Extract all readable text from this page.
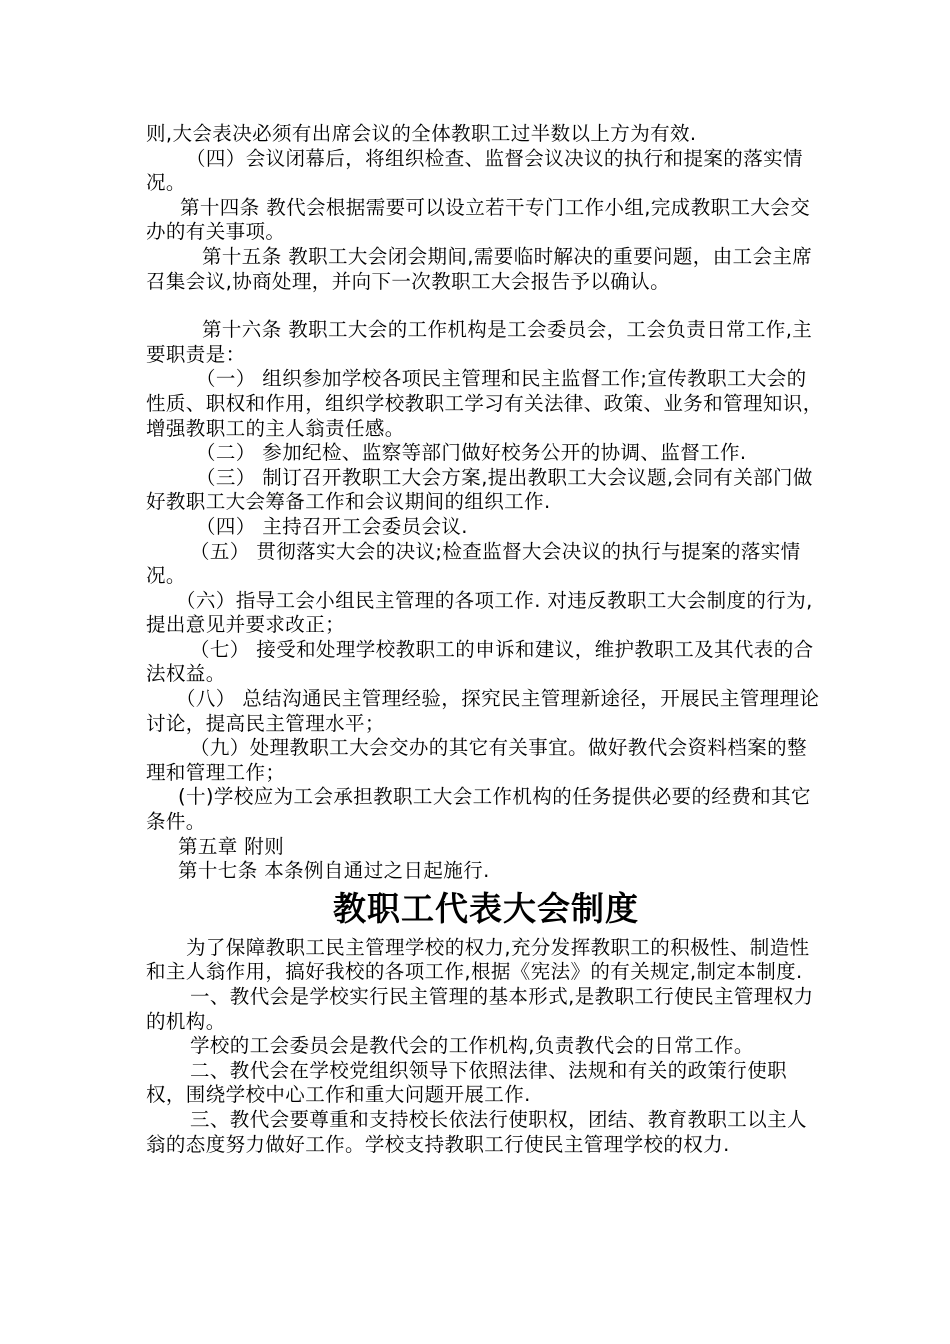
则,大会表决必须有出席会议的全体教职工过半数以上方为有效.

（四）会议闭幕后，将组织检查、监督会议决议的执行和提案的落实情况。

第十四条 教代会根据需要可以设立若干专门工作小组,完成教职工大会交办的有关事项。

第十五条 教职工大会闭会期间,需要临时解决的重要问题，由工会主席召集会议,协商处理，并向下一次教职工大会报告予以确认。

第十六条 教职工大会的工作机构是工会委员会，工会负责日常工作,主要职责是：

（一） 组织参加学校各项民主管理和民主监督工作;宣传教职工大会的性质、职权和作用，组织学校教职工学习有关法律、政策、业务和管理知识，增强教职工的主人翁责任感。

（二） 参加纪检、监察等部门做好校务公开的协调、监督工作.

（三） 制订召开教职工大会方案,提出教职工大会议题,会同有关部门做好教职工大会筹备工作和会议期间的组织工作.

（四） 主持召开工会委员会议.

（五） 贯彻落实大会的决议;检查监督大会决议的执行与提案的落实情况。

（六）指导工会小组民主管理的各项工作. 对违反教职工大会制度的行为,提出意见并要求改正；

（七） 接受和处理学校教职工的申诉和建议，维护教职工及其代表的合法权益。

（八） 总结沟通民主管理经验，探究民主管理新途径，开展民主管理理论讨论，提高民主管理水平；

（九）处理教职工大会交办的其它有关事宜。做好教代会资料档案的整理和管理工作；

(十)学校应为工会承担教职工大会工作机构的任务提供必要的经费和其它条件。

第五章 附则

第十七条 本条例自通过之日起施行.

教职工代表大会制度

为了保障教职工民主管理学校的权力,充分发挥教职工的积极性、制造性和主人翁作用，搞好我校的各项工作,根据《宪法》的有关规定,制定本制度.

一、教代会是学校实行民主管理的基本形式,是教职工行使民主管理权力的机构。

学校的工会委员会是教代会的工作机构,负责教代会的日常工作。

二、教代会在学校党组织领导下依照法律、法规和有关的政策行使职权，围绕学校中心工作和重大问题开展工作.

三、教代会要尊重和支持校长依法行使职权，团结、教育教职工以主人翁的态度努力做好工作。学校支持教职工行使民主管理学校的权力.
